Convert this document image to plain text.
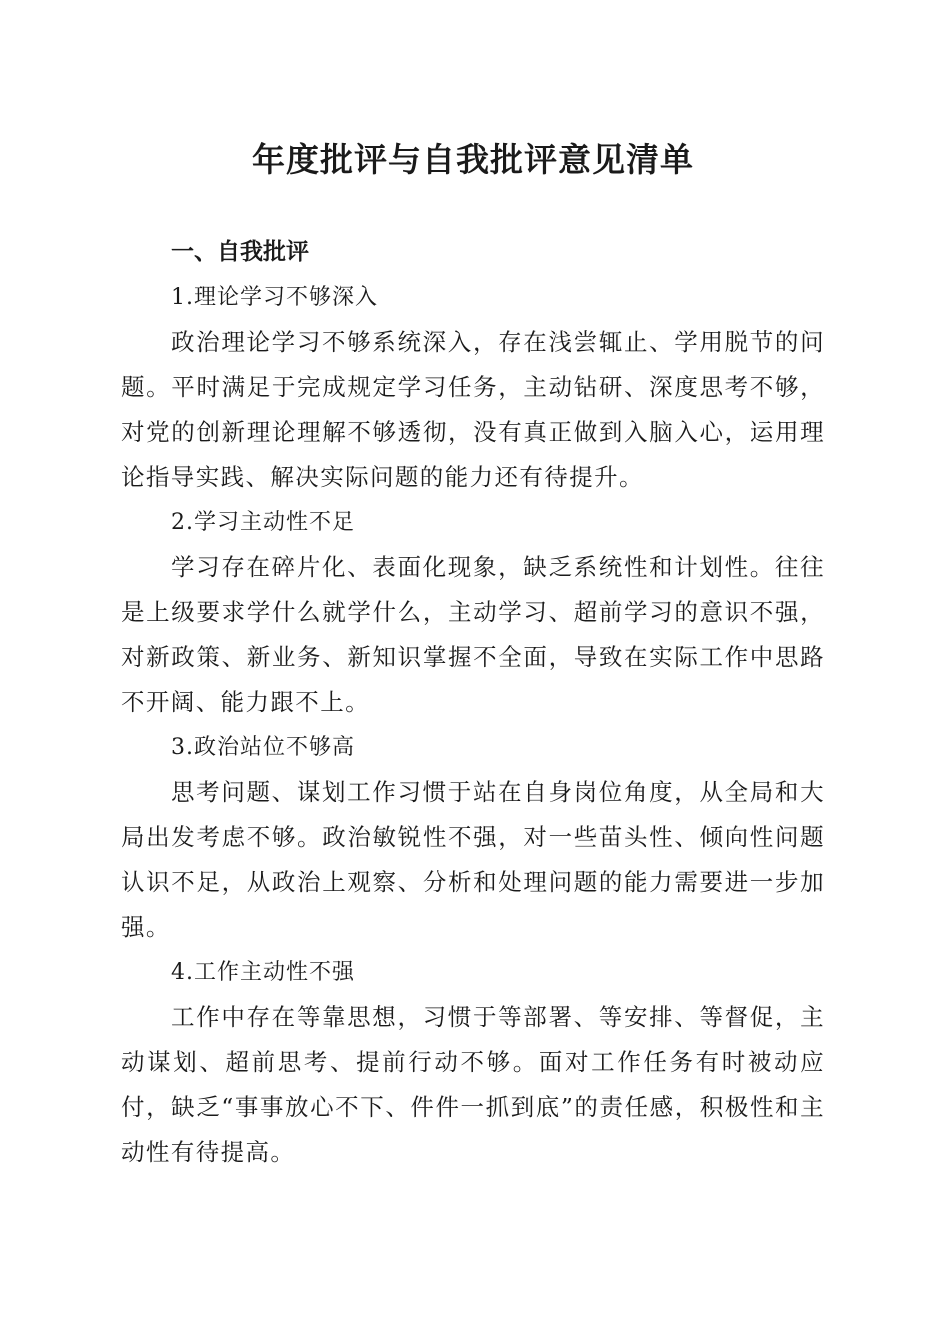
年度批评与自我批评意见清单
一、自我批评
1.理论学习不够深入

政治理论学习不够系统深入，存在浅尝辄止、学用脱节的问题。平时满足于完成规定学习任务，主动钻研、深度思考不够，对党的创新理论理解不够透彻，没有真正做到入脑入心，运用理论指导实践、解决实际问题的能力还有待提升。

2.学习主动性不足

学习存在碎片化、表面化现象，缺乏系统性和计划性。往往是上级要求学什么就学什么，主动学习、超前学习的意识不强，对新政策、新业务、新知识掌握不全面，导致在实际工作中思路不开阔、能力跟不上。

3.政治站位不够高

思考问题、谋划工作习惯于站在自身岗位角度，从全局和大局出发考虑不够。政治敏锐性不强，对一些苗头性、倾向性问题认识不足，从政治上观察、分析和处理问题的能力需要进一步加强。

4.工作主动性不强

工作中存在等靠思想，习惯于等部署、等安排、等督促，主动谋划、超前思考、提前行动不够。面对工作任务有时被动应付，缺乏“事事放心不下、件件一抓到底”的责任感，积极性和主动性有待提高。
